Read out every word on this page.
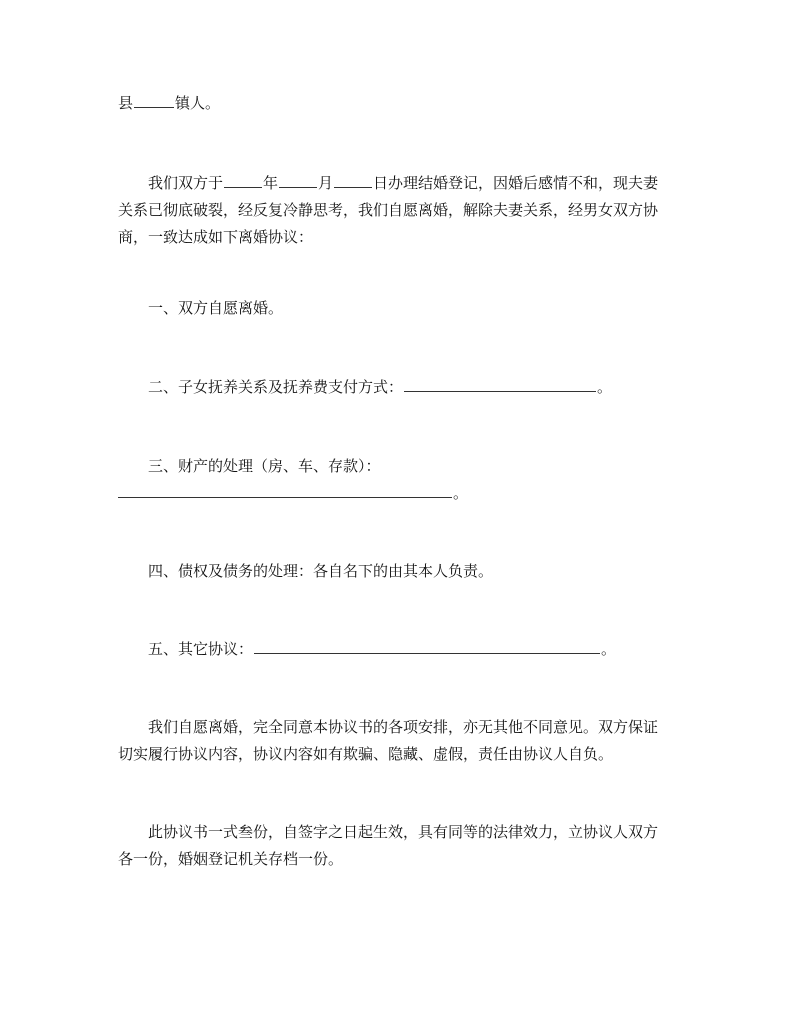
县	镇人。

我们双方于	年	月	日办理结婚登记，因婚后感情不和，现夫妻
关系已彻底破裂，经反复冷静思考，我们自愿离婚，解除夫妻关系，经男女双方协
商，一致达成如下离婚协议：

一、双方自愿离婚。

二、子女抚养关系及抚养费支付方式：	。

三、财产的处理（房、车、存款）：
。

四、债权及债务的处理：各自名下的由其本人负责。

五、其它协议：	。

我们自愿离婚，完全同意本协议书的各项安排，亦无其他不同意见。双方保证
切实履行协议内容，协议内容如有欺骗、隐藏、虚假，责任由协议人自负。

此协议书一式叁份，自签字之日起生效，具有同等的法律效力，立协议人双方
各一份，婚姻登记机关存档一份。
